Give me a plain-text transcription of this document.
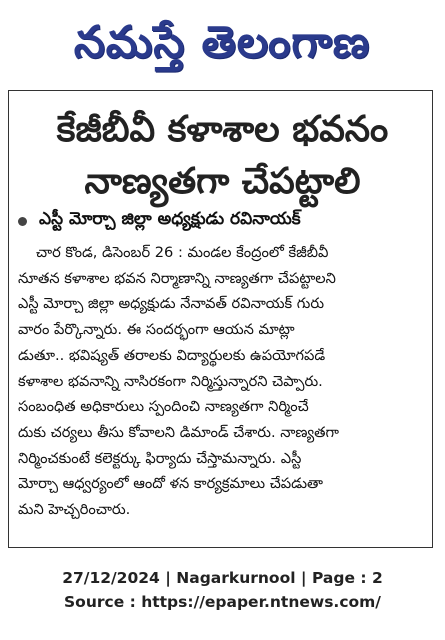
నమస్తే తెలంగాణ
కేజీబీవీ కళాశాల భవనం
నాణ్యతగా చేపట్టాలి
ఎస్టీ మోర్చా జిల్లా అధ్యక్షుడు రవినాయక్
చార కొండ, డిసెంబర్ 26 : మండల కేంద్రంలో కేజీబీవీ
నూతన కళాశాల భవన నిర్మాణాన్ని నాణ్యతగా చేపట్టాలని
ఎస్టీ మోర్చా జిల్లా అధ్యక్షుడు నేనావత్ రవినాయక్ గురు
వారం పేర్కొన్నారు. ఈ సందర్భంగా ఆయన మాట్లా
డుతూ.. భవిష్యత్ తరాలకు విద్యార్థులకు ఉపయోగపడే
కళాశాల భవనాన్ని నాసిరకంగా నిర్మిస్తున్నారని చెప్పారు.
సంబంధిత అధికారులు స్పందించి నాణ్యతగా నిర్మించే
దుకు చర్యలు తీసు కోవాలని డిమాండ్ చేశారు. నాణ్యతగా
నిర్మించకుంటే కలెక్టర్కు ఫిర్యాదు చేస్తామన్నారు. ఎస్టీ
మోర్చా ఆధ్వర్యంలో ఆందో ళన కార్యక్రమాలు చేపడుతా
మని హెచ్చరించారు.
27/12/2024 | Nagarkurnool | Page : 2
Source : https://epaper.ntnews.com/
